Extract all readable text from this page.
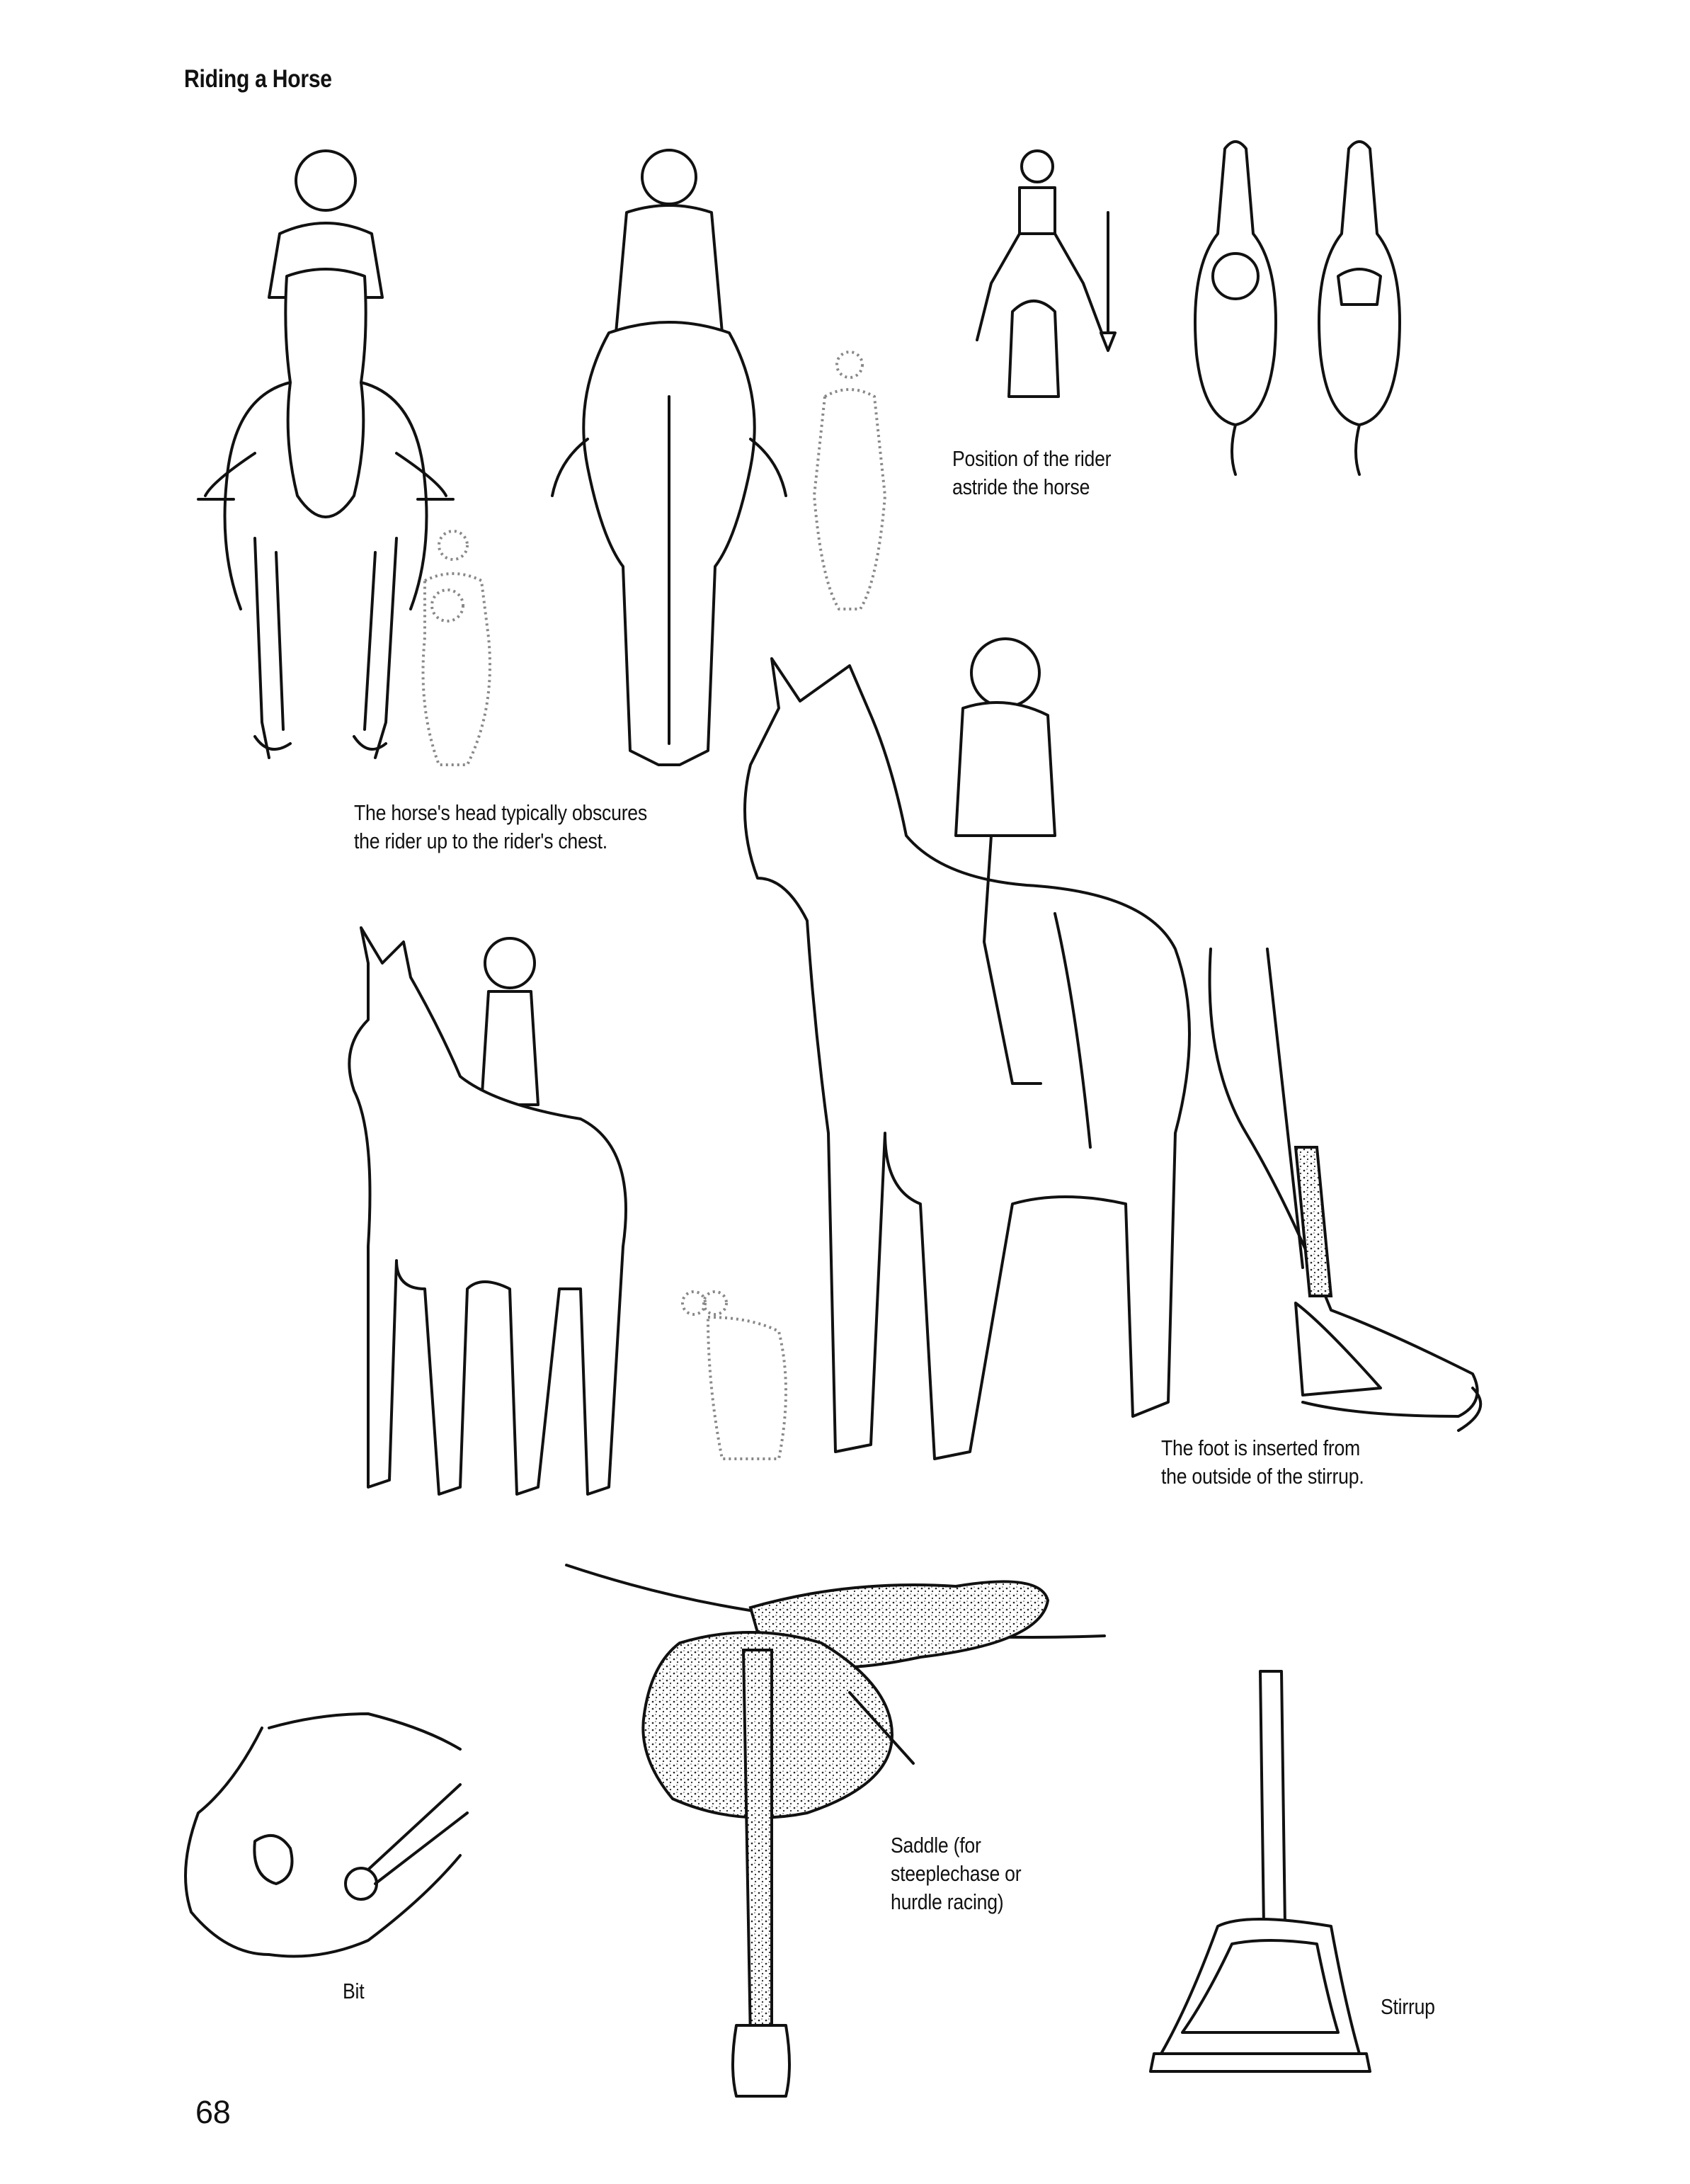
Riding a Horse
The horse's head typically obscures
the rider up to the rider's chest.
Position of the rider
astride the horse
The foot is inserted from
the outside of the stirrup.
Saddle (for
steeplechase or
hurdle racing)
Bit
Stirrup
68
